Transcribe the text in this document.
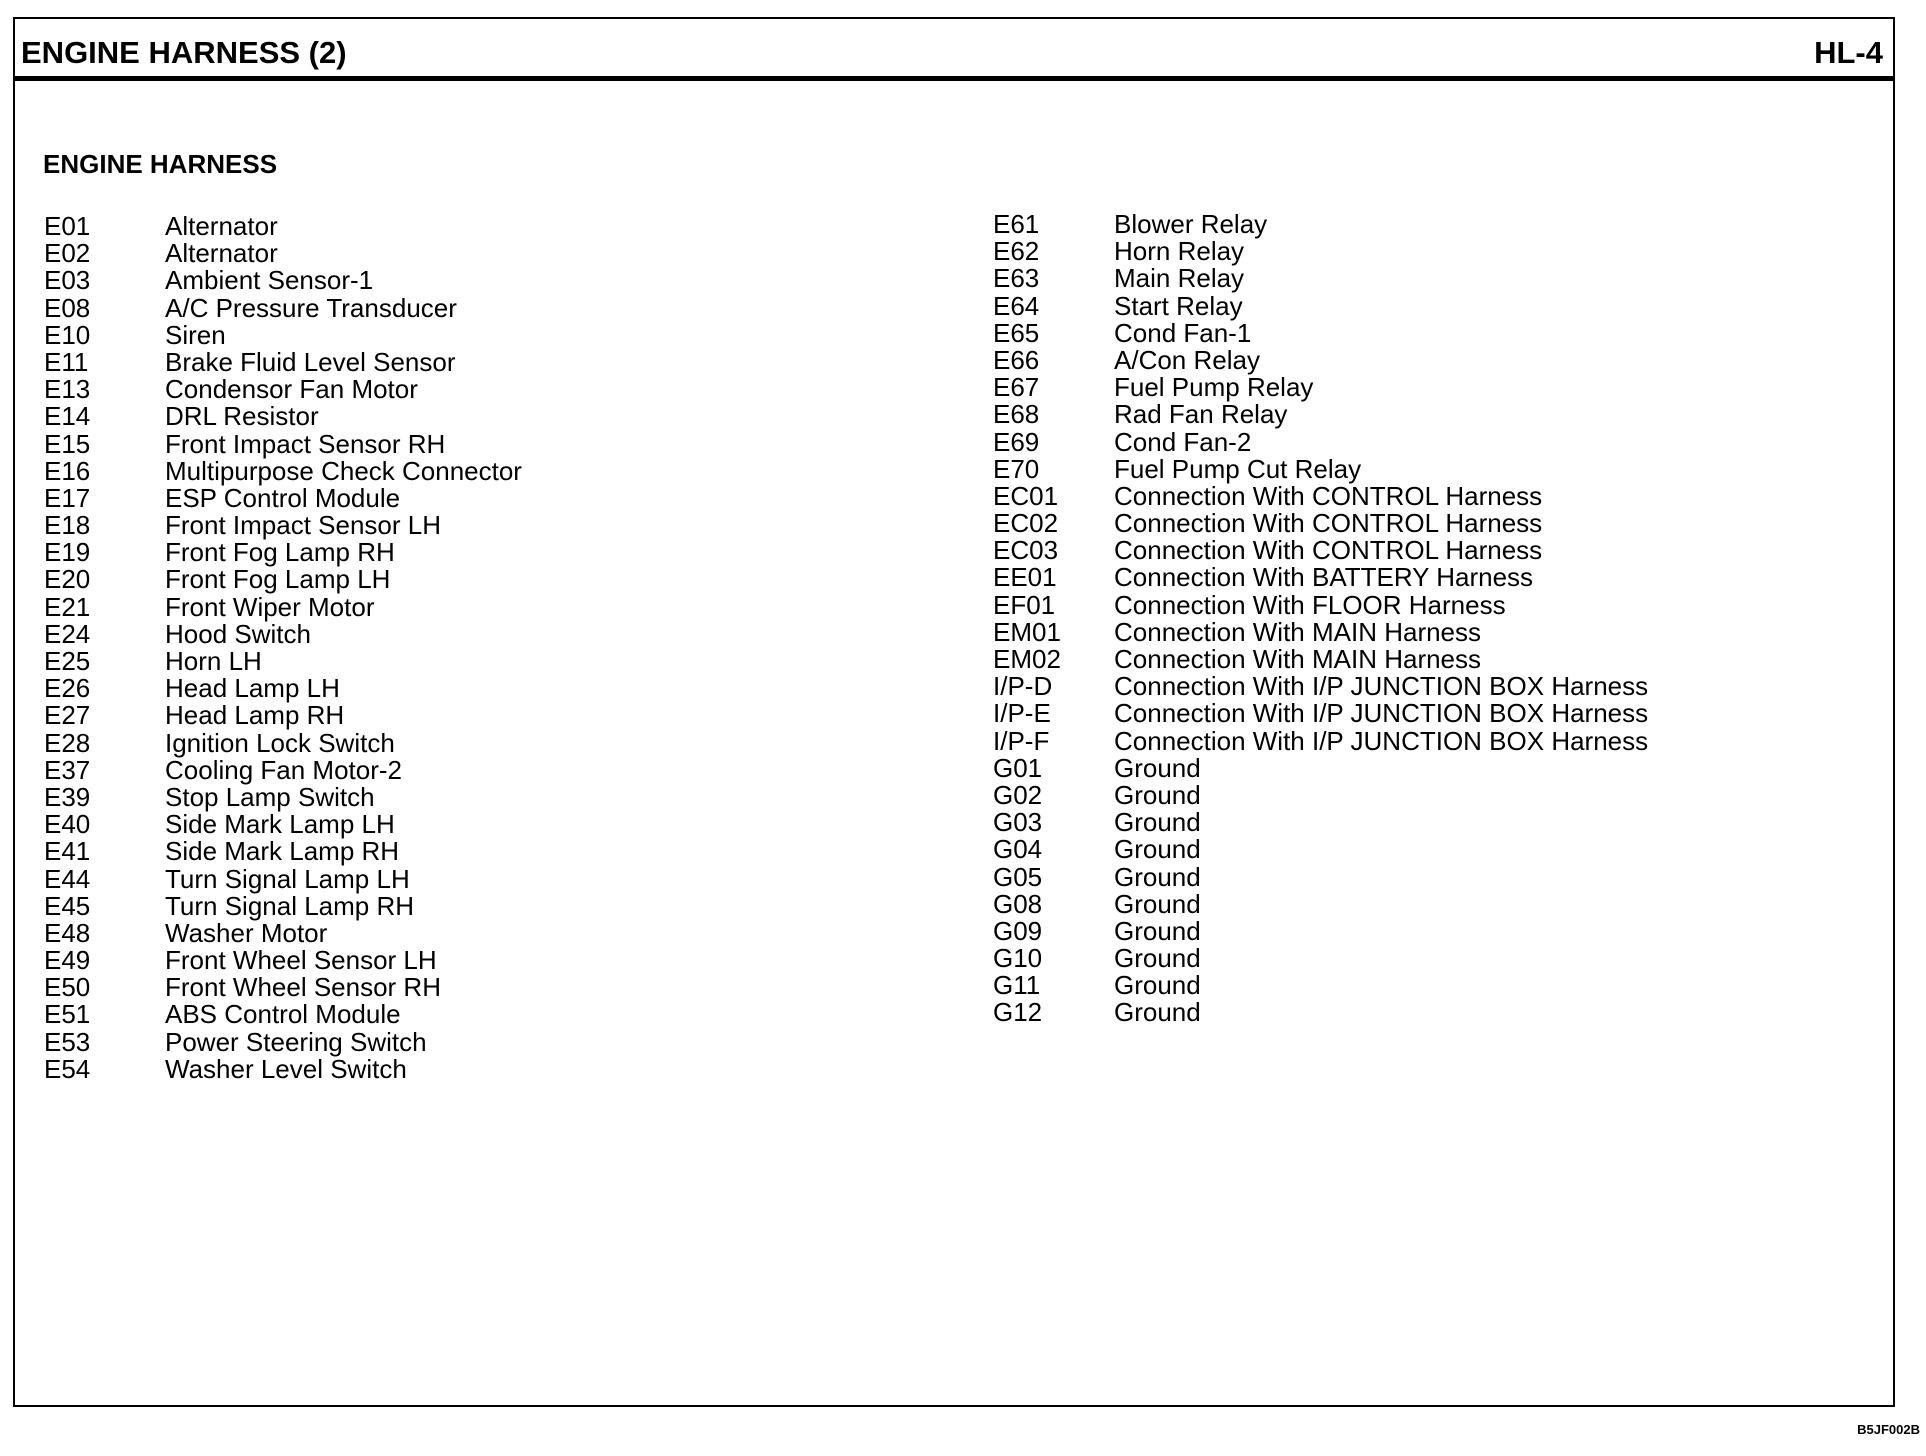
ENGINE HARNESS (2)	HL-4
ENGINE HARNESS
E01	Alternator
E02	Alternator
E03	Ambient Sensor-1
E08	A/C Pressure Transducer
E10	Siren
E11	Brake Fluid Level Sensor
E13	Condensor Fan Motor
E14	DRL Resistor
E15	Front Impact Sensor RH
E16	Multipurpose Check Connector
E17	ESP Control Module
E18	Front Impact Sensor LH
E19	Front Fog Lamp RH
E20	Front Fog Lamp LH
E21	Front Wiper Motor
E24	Hood Switch
E25	Horn LH
E26	Head Lamp LH
E27	Head Lamp RH
E28	Ignition Lock Switch
E37	Cooling Fan Motor-2
E39	Stop Lamp Switch
E40	Side Mark Lamp LH
E41	Side Mark Lamp RH
E44	Turn Signal Lamp LH
E45	Turn Signal Lamp RH
E48	Washer Motor
E49	Front Wheel Sensor LH
E50	Front Wheel Sensor RH
E51	ABS Control Module
E53	Power Steering Switch
E54	Washer Level Switch
E61	Blower Relay
E62	Horn Relay
E63	Main Relay
E64	Start Relay
E65	Cond Fan-1
E66	A/Con Relay
E67	Fuel Pump Relay
E68	Rad Fan Relay
E69	Cond Fan-2
E70	Fuel Pump Cut Relay
EC01 Connection With CONTROL Harness
EC02 Connection With CONTROL Harness
EC03 Connection With CONTROL Harness
EE01 Connection With BATTERY Harness
EF01 Connection With FLOOR Harness
EM01 Connection With MAIN Harness
EM02 Connection With MAIN Harness
I/P-D Connection With I/P JUNCTION BOX Harness
I/P-E Connection With I/P JUNCTION BOX Harness
I/P-F Connection With I/P JUNCTION BOX Harness
G01	Ground
G02	Ground
G03	Ground
G04	Ground
G05	Ground
G08	Ground
G09	Ground
G10	Ground
G11	Ground
G12	Ground
B5JF002B
